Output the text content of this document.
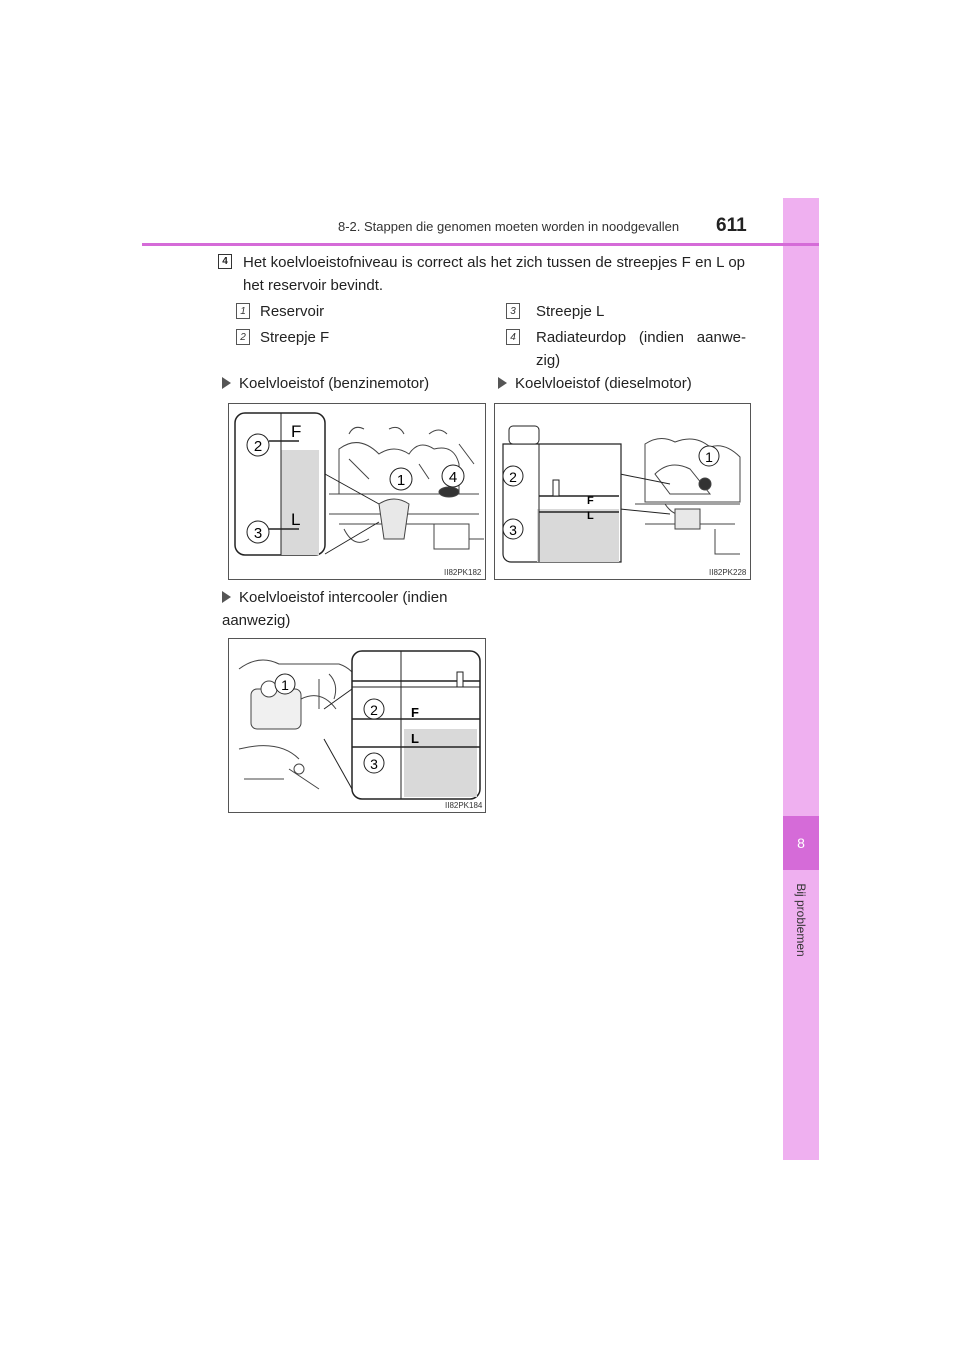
8
Bij problemen
8-2. Stappen die genomen moeten worden in noodgevallen 611
4 Het koelvloeistofniveau is correct als het zich tussen de streepjes F en L op het reservoir bevindt.
1 Reservoir
2 Streepje F
3 Streepje L
4 Radiateurdop (indien aanwe-zig)
Koelvloeistof (benzinemotor)	Koelvloeistof (dieselmotor)
F
L
2
3
1	4
II82PK182
F
L
2
3
1
II82PK228
Koelvloeistof intercooler (indien aanwezig)
F
L
1
2
3
II82PK184
